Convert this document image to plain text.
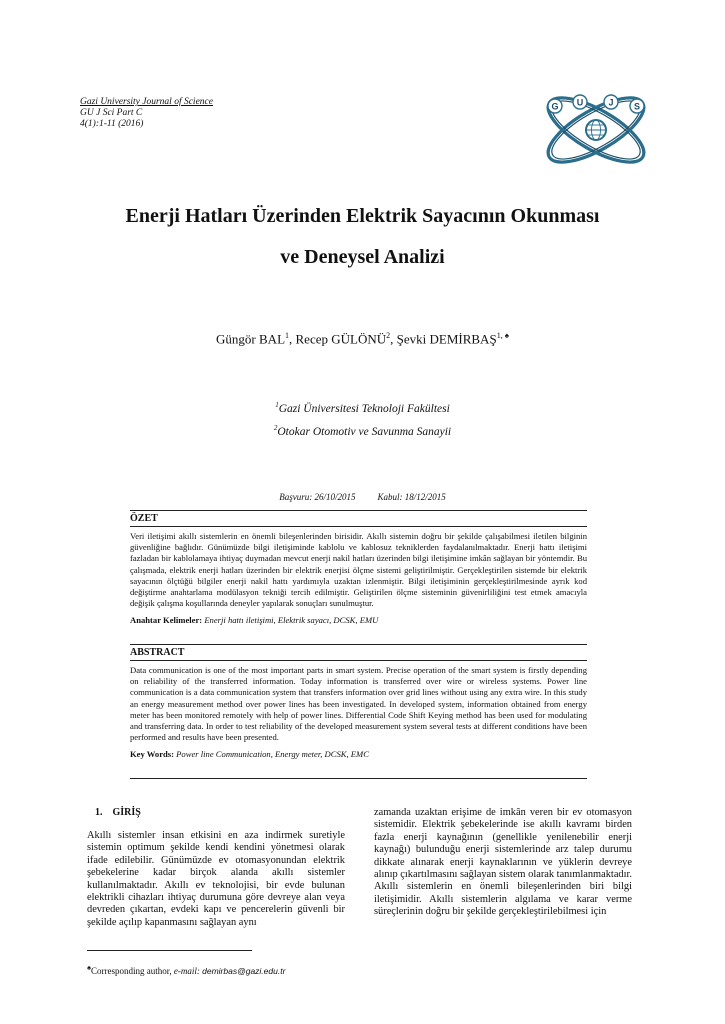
Gazi University Journal of Science
GU J Sci Part C
4(1):1-11 (2016)
G U	J S
Enerji Hatları Üzerinden Elektrik Sayacının Okunması
ve Deneysel Analizi
Güngör BAL$^1$, Recep GÜLÖNÜ$^2$, Şevki $DEMİRBAŞ^{1, ♠}$
$^1$Gazi Üniversitesi Teknoloji Fakültesi
$^2$Otokar Otomotiv ve Savunma Sanayii
Başvuru: 26/10/2015 Kabul: 18/12/2015
ÖZET
Veri iletişimi akıllı sistemlerin en önemli bileşenlerinden birisidir. Akıllı sistemin doğru bir şekilde çalışabilmesi iletilen bilginin güvenliğine bağlıdır. Günümüzde bilgi iletişiminde kablolu ve kablosuz tekniklerden faydalanılmaktadır. Enerji hattı iletişimi fazladan bir kablolamaya ihtiyaç duymadan mevcut enerji nakil hatları üzerinden bilgi iletişimine imkân sağlayan bir yöntemdir. Bu çalışmada, elektrik enerji hatları üzerinden bir elektrik enerjisi ölçme sistemi geliştirilmiştir. Gerçekleştirilen sistemde bir elektrik sayacının ölçtüğü bilgiler enerji nakil hattı yardımıyla uzaktan izlenmiştir. Bilgi iletişiminin gerçekleştirilmesinde ayrık kod değiştirme anahtarlama modülasyon tekniği tercih edilmiştir. Geliştirilen ölçme sisteminin güvenirliliğini test etmek amacıyla değişik çalışma koşullarında deneyler yapılarak sonuçları sunulmuştur.
Anahtar Kelimeler: Enerji hattı iletişimi, Elektrik sayacı, DCSK, EMU
ABSTRACT
Data communication is one of the most important parts in smart system. Precise operation of the smart system is firstly depending on reliability of the transferred information. Today information is transferred over wire or wireless systems. Power line communication is a data communication system that transfers information over grid lines without using any extra wire. In this study an energy measurement method over power lines has been investigated. In developed system, information obtained from energy meter has been monitored remotely with help of power lines. Differential Code Shift Keying method has been used for modulating and transferring data. In order to test reliability of the developed measurement system several tests at different conditions have been performed and results have been presented.
Key Words: Power line Communication, Energy meter, DCSK, EMC
1. GİRİŞ
Akıllı sistemler insan etkisini en aza indirmek suretiyle sistemin optimum şekilde kendi kendini yönetmesi olarak ifade edilebilir. Günümüzde ev otomasyonundan elektrik şebekelerine kadar birçok alanda akıllı sistemler kullanılmaktadır. Akıllı ev teknolojisi, bir evde bulunan elektrikli cihazları ihtiyaç durumuna göre devreye alan veya devreden çıkartan, evdeki kapı ve pencerelerin güvenli bir şekilde açılıp kapanmasını sağlayan aynı
zamanda uzaktan erişime de imkân veren bir ev otomasyon sistemidir. Elektrik şebekelerinde ise akıllı kavramı birden fazla enerji kaynağının (genellikle yenilenebilir enerji kaynağı) bulunduğu enerji sistemlerinde arz talep durumu dikkate alınarak enerji kaynaklarının ve yüklerin devreye alınıp çıkartılmasını sağlayan sistem olarak tanımlanmaktadır. Akıllı sistemlerin en önemli bileşenlerinden biri bilgi iletişimidir. Akıllı sistemlerin algılama ve karar verme süreçlerinin doğru bir şekilde gerçekleştirilebilmesi için
♠Corresponding author, e-mail: demirbas@gazi.edu.tr
